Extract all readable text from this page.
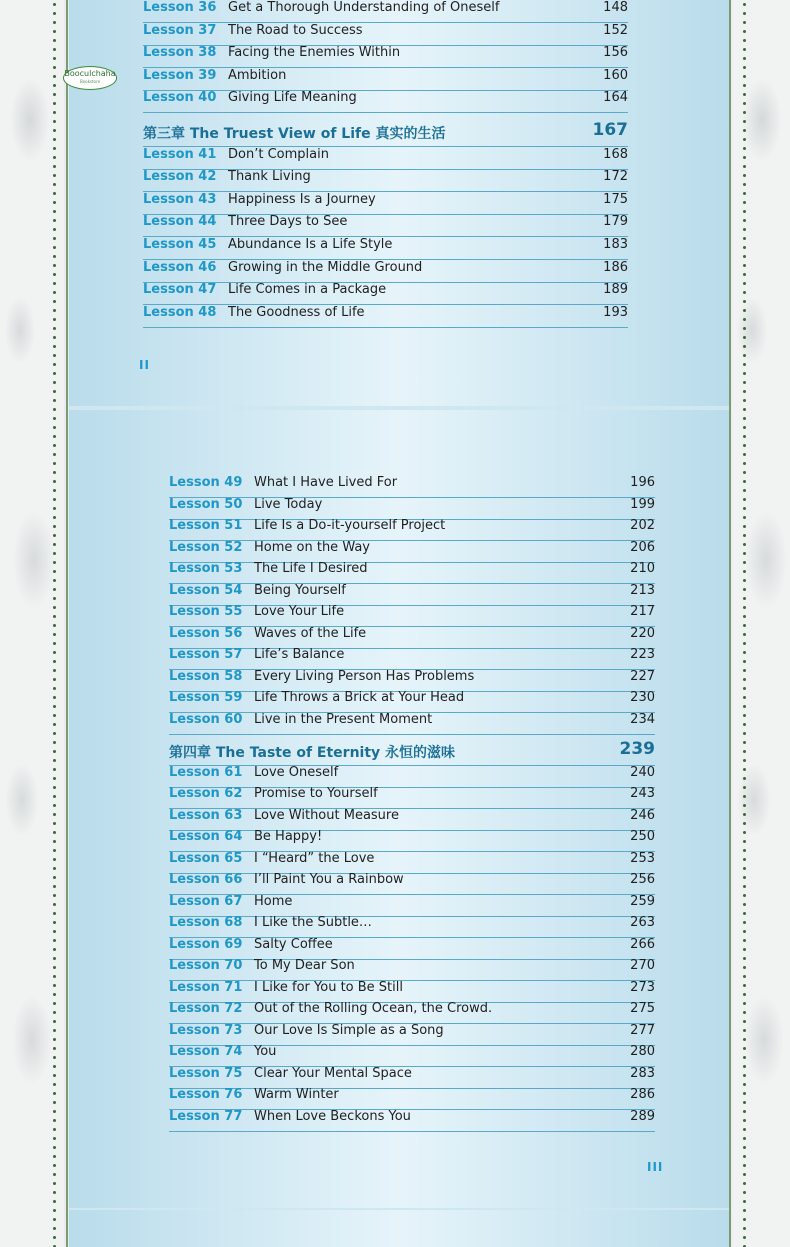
Booculchaha
Bookstore
Lesson 36 Get a Thorough Understanding of Oneself	148
Lesson 37 The Road to Success	152
Lesson 38 Facing the Enemies Within	156
Lesson 39 Ambition	160
Lesson 40 Giving Life Meaning	164
第三章 The Truest View of Life 真实的生活	167
Lesson 41 Don’t Complain	168
Lesson 42 Thank Living	172
Lesson 43 Happiness Is a Journey	175
Lesson 44 Three Days to See	179
Lesson 45 Abundance Is a Life Style	183
Lesson 46 Growing in the Middle Ground	186
Lesson 47 Life Comes in a Package	189
Lesson 48 The Goodness of Life	193
Lesson 49 What I Have Lived For	196
Lesson 50 Live Today	199
Lesson 51 Life Is a Do-it-yourself Project	202
Lesson 52 Home on the Way	206
Lesson 53 The Life I Desired	210
Lesson 54 Being Yourself	213
Lesson 55 Love Your Life	217
Lesson 56 Waves of the Life	220
Lesson 57 Life’s Balance	223
Lesson 58 Every Living Person Has Problems	227
Lesson 59 Life Throws a Brick at Your Head	230
Lesson 60 Live in the Present Moment	234
第四章 The Taste of Eternity 永恒的滋味	239
Lesson 61 Love Oneself	240
Lesson 62 Promise to Yourself	243
Lesson 63 Love Without Measure	246
Lesson 64 Be Happy!	250
Lesson 65 I “Heard” the Love	253
Lesson 66 I’ll Paint You a Rainbow	256
Lesson 67 Home	259
Lesson 68 I Like the Subtle…	263
Lesson 69 Salty Coffee	266
Lesson 70 To My Dear Son	270
Lesson 71 I Like for You to Be Still	273
Lesson 72 Out of the Rolling Ocean, the Crowd.	275
Lesson 73 Our Love Is Simple as a Song	277
Lesson 74 You	280
Lesson 75 Clear Your Mental Space	283
Lesson 76 Warm Winter	286
Lesson 77 When Love Beckons You	289
II
III
